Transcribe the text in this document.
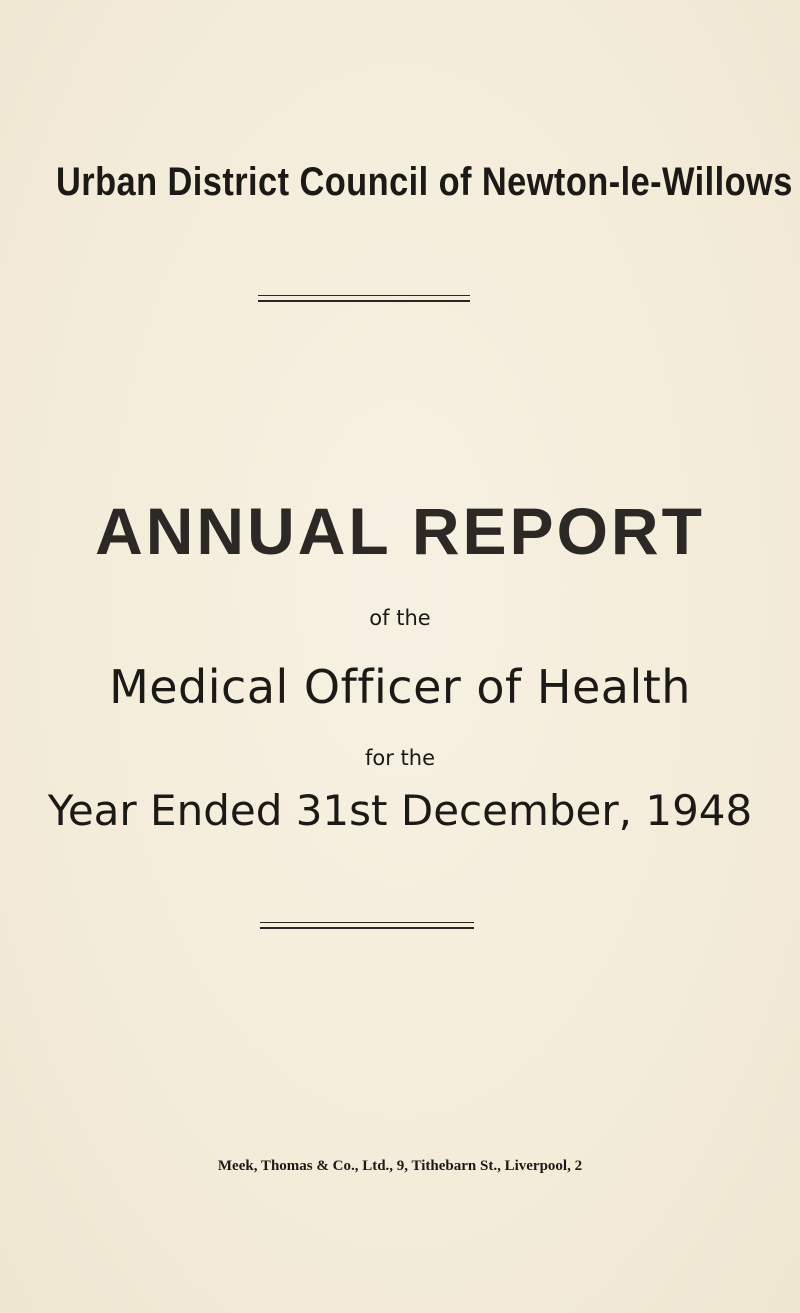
Urban District Council of Newton-le-Willows
ANNUAL REPORT
of the
Medical Officer of Health
for the
Year Ended 31st December, 1948
Meek, Thomas & Co., Ltd., 9, Tithebarn St., Liverpool, 2
